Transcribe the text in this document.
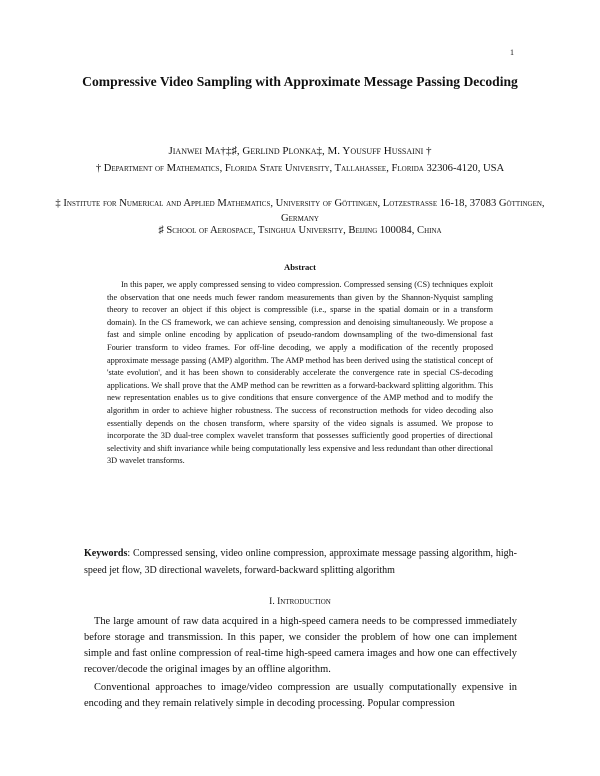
1
Compressive Video Sampling with Approximate Message Passing Decoding
Jianwei Ma†‡♯, Gerlind Plonka‡, M. Yousuff Hussaini †
† Department of Mathematics, Florida State University, Tallahassee, Florida 32306-4120, USA
‡ Institute for Numerical and Applied Mathematics, University of Göttingen, Lotzestrasse 16-18, 37083 Göttingen, Germany
♯ School of Aerospace, Tsinghua University, Beijing 100084, China
Abstract

In this paper, we apply compressed sensing to video compression. Compressed sensing (CS) techniques exploit the observation that one needs much fewer random measurements than given by the Shannon-Nyquist sampling theory to recover an object if this object is compressible (i.e., sparse in the spatial domain or in a transform domain). In the CS framework, we can achieve sensing, compression and denoising simultaneously. We propose a fast and simple online encoding by application of pseudo-random downsampling of the two-dimensional fast Fourier transform to video frames. For off-line decoding, we apply a modification of the recently proposed approximate message passing (AMP) algorithm. The AMP method has been derived using the statistical concept of 'state evolution', and it has been shown to considerably accelerate the convergence rate in special CS-decoding applications. We shall prove that the AMP method can be rewritten as a forward-backward splitting algorithm. This new representation enables us to give conditions that ensure convergence of the AMP method and to modify the algorithm in order to achieve higher robustness. The success of reconstruction methods for video decoding also essentially depends on the chosen transform, where sparsity of the video signals is assumed. We propose to incorporate the 3D dual-tree complex wavelet transform that possesses sufficiently good properties of directional selectivity and shift invariance while being computationally less expensive and less redundant than other directional 3D wavelet transforms.

Keywords: Compressed sensing, video online compression, approximate message passing algorithm, high-speed jet flow, 3D directional wavelets, forward-backward splitting algorithm

I. Introduction

The large amount of raw data acquired in a high-speed camera needs to be compressed immediately before storage and transmission. In this paper, we consider the problem of how one can implement simple and fast online compression of real-time high-speed camera images and how one can effectively recover/decode the original images by an offline algorithm.

Conventional approaches to image/video compression are usually computationally expensive in encoding and they remain relatively simple in decoding processing. Popular compression
